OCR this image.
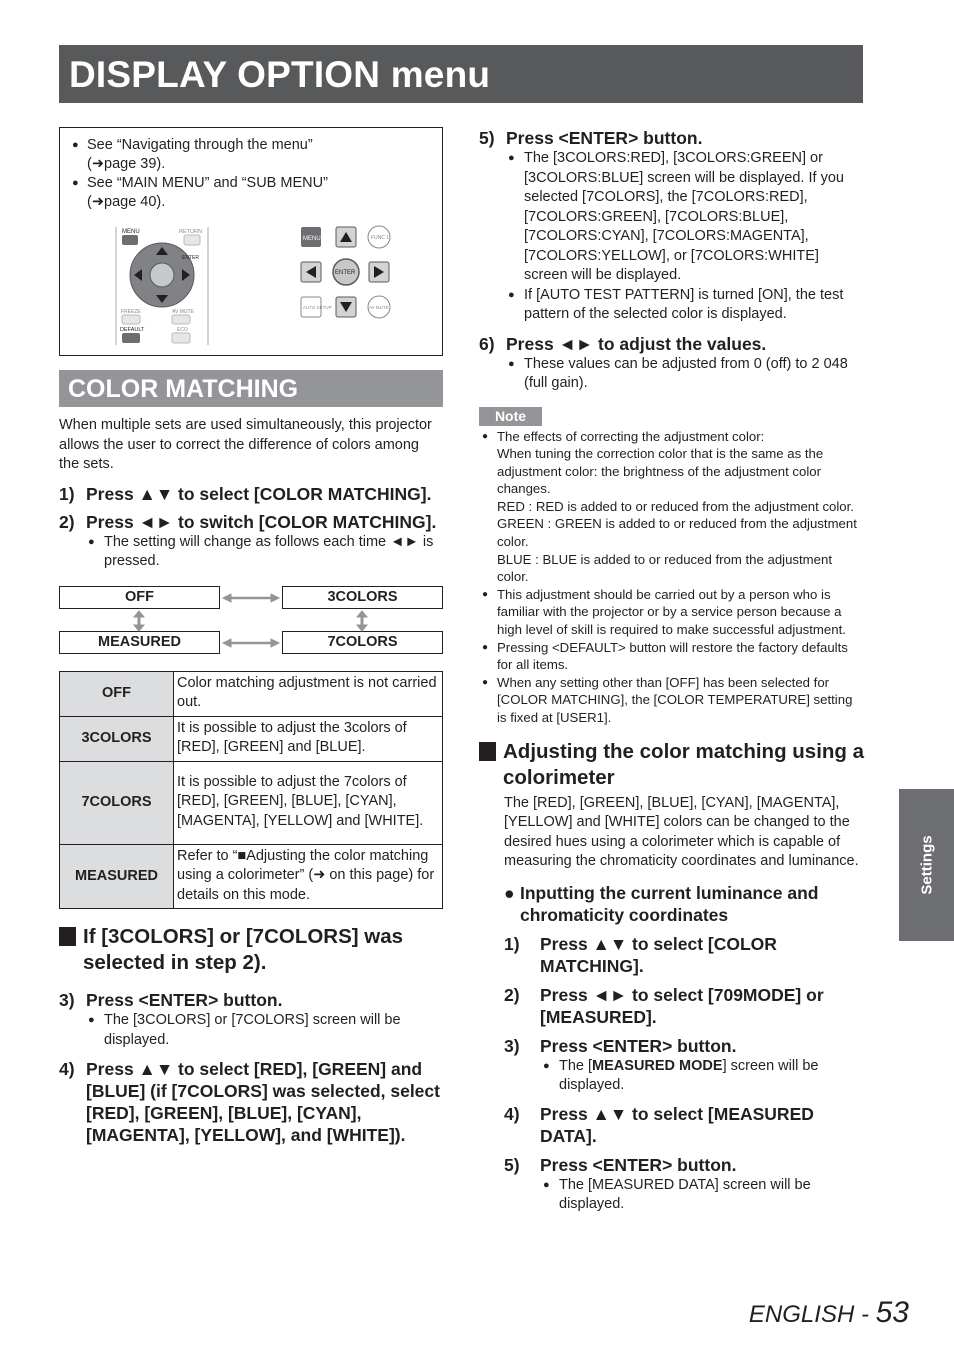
DISPLAY OPTION menu
● See “Navigating through the menu”
(➜page 39).
● See “MAIN MENU” and “SUB MENU”
(➜page 40).
MENU	RETURN
ENTER
FREEZE	AV MUTE
DEFAULT	ECO
MENU	FUNC 1
ENTER
AUTO SETUP	AV MUTE
COLOR MATCHING

When multiple sets are used simultaneously, this projector allows the user to correct the difference of colors among the sets.

1) Press ▲▼ to select [COLOR MATCHING].
2) Press ◄► to switch [COLOR MATCHING].
● The setting will change as follows each time ◄► is pressed.
OFF	3COLORS
MEASURED	7COLORS
OFF	Color matching adjustment is not carried out.
3COLORS	It is possible to adjust the 3colors of [RED], [GREEN] and [BLUE].
7COLORS	It is possible to adjust the 7colors of [RED], [GREEN], [BLUE], [CYAN], [MAGENTA], [YELLOW] and [WHITE].
MEASURED	Refer to “■Adjusting the color matching using a colorimeter” (➜ on this page) for details on this mode.
If [3COLORS] or [7COLORS] was selected in step 2).
3) Press <ENTER> button.
● The [3COLORS] or [7COLORS] screen will be displayed.
4) Press ▲▼ to select [RED], [GREEN] and [BLUE] (if [7COLORS] was selected, select [RED], [GREEN], [BLUE], [CYAN], [MAGENTA], [YELLOW], and [WHITE]).
5) Press <ENTER> button.
● The [3COLORS:RED], [3COLORS:GREEN] or [3COLORS:BLUE] screen will be displayed. If you selected [7COLORS], the [7COLORS:RED], [7COLORS:GREEN], [7COLORS:BLUE], [7COLORS:CYAN], [7COLORS:MAGENTA], [7COLORS:YELLOW], or [7COLORS:WHITE] screen will be displayed.
● If [AUTO TEST PATTERN] is turned [ON], the test pattern of the selected color is displayed.
6) Press ◄► to adjust the values.
● These values can be adjusted from 0 (off) to 2 048 (full gain).
Note
● The effects of correcting the adjustment color:
When tuning the correction color that is the same as the adjustment color: the brightness of the adjustment color changes.
RED : RED is added to or reduced from the adjustment color.
GREEN : GREEN is added to or reduced from the adjustment color.
BLUE : BLUE is added to or reduced from the adjustment color.
● This adjustment should be carried out by a person who is familiar with the projector or by a service person because a high level of skill is required to make successful adjustment.
● Pressing <DEFAULT> button will restore the factory defaults for all items.
● When any setting other than [OFF] has been selected for [COLOR MATCHING], the [COLOR TEMPERATURE] setting is fixed at [USER1].
Adjusting the color matching using a colorimeter

The [RED], [GREEN], [BLUE], [CYAN], [MAGENTA], [YELLOW] and [WHITE] colors can be changed to the desired hues using a colorimeter which is capable of measuring the chromaticity coordinates and luminance.

● Inputting the current luminance and chromaticity coordinates
1)	Press ▲▼ to select [COLOR MATCHING].
2)	Press ◄► to select [709MODE] or [MEASURED].
3)	Press <ENTER> button.
● The [MEASURED MODE] screen will be displayed.
4)	Press ▲▼ to select [MEASURED DATA].
5)	Press <ENTER> button.
● The [MEASURED DATA] screen will be displayed.
Settings
ENGLISH - 53
